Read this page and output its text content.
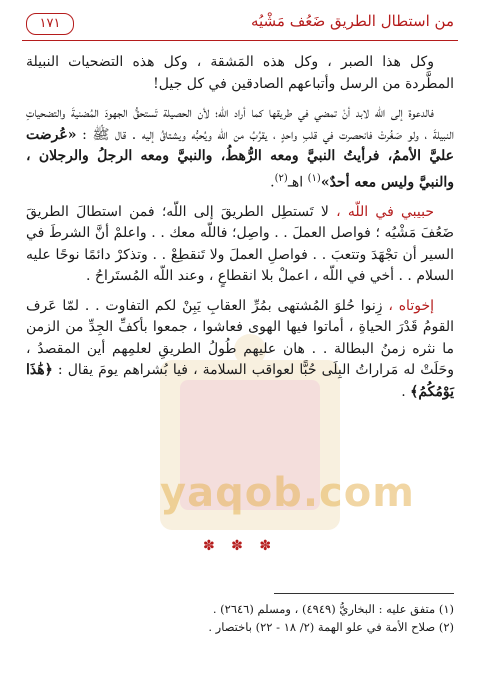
yaqob.com
١٧١	من استطال الطريق ضَعُف مَشْيُه

وكل هذا الصبر ، وكل هذه المَشقة ، وكل هذه التضحيات النبيلة المطَّردة من الرسل وأتباعهم الصادقين في كل جيل!

فالدعوة إلى اللّه لابد أنْ تمضي في طريقها كما أراد اللّه؛ لأن الحصيلة تَستحقُّ الجهودَ المُضنيةَ والتضحياتِ النبيلةَ ، ولو صَغُرتْ فانحصرت في قلبِ واحدٍ ، يقرُبُ من اللّه ويُحبُّه ويشتاقُ إليه . قال ﷺ : «عُرضت عليَّ الأممُ، فرأيتُ النبيَّ ومعه الرُّهطُ، والنبيَّ ومعه الرجلُ والرجلان ، والنبيَّ وليس معه أحدٌ»$^{(١)}$ اهـ$^{(٢)}$.

حبيبي في اللّه ، لا تَستطِل الطريقَ إلى اللّه؛ فمن استطالَ الطريقَ ضَعُفَ مَشْيُه ؛ فواصل العملَ . . واصِل؛ فاللّه معك . . واعلمْ أنَّ الشرطَ في السير أن تجْهَدَ وتتعبَ . . فواصلِ العملَ ولا تَنقطِعْ . . وتذكرْ دائمًا نوحًا عليه السلام . . أخي في اللّه ، اعملْ بلا انقطاعٍ ، وعند اللّه المُستَراحُ .

إخوتاه ، زِنوا حُلوَ المُشتهى بمُرِّ العقابِ يَبِنْ لكم التفاوت . . لمّا عَرف القومُ قَدْرَ الحياةِ ، أماتوا فيها الهوى فعاشوا ، جمعوا بأكفِّ الجِدِّ من الزمن ما نثره زمنُ البطالة . . هان عليهم طُولُ الطريقِ لعلمِهم أين المقصدُ ، وحَلَتْ له مَراراتُ البِلَى حُبًّا لعواقب السلامة ، فيا بُشراهم يومَ يقال : ﴿هَٰذَا يَوْمُكُمُ﴾ .

✽ ✽ ✽
(١) متفق عليه : البخاريُّ (٤٩٤٩) ، ومسلم (٢٦٤٦) .
(٢) صلاح الأمة في علو الهمة (٢/ ١٨ - ٢٢) باختصار .
